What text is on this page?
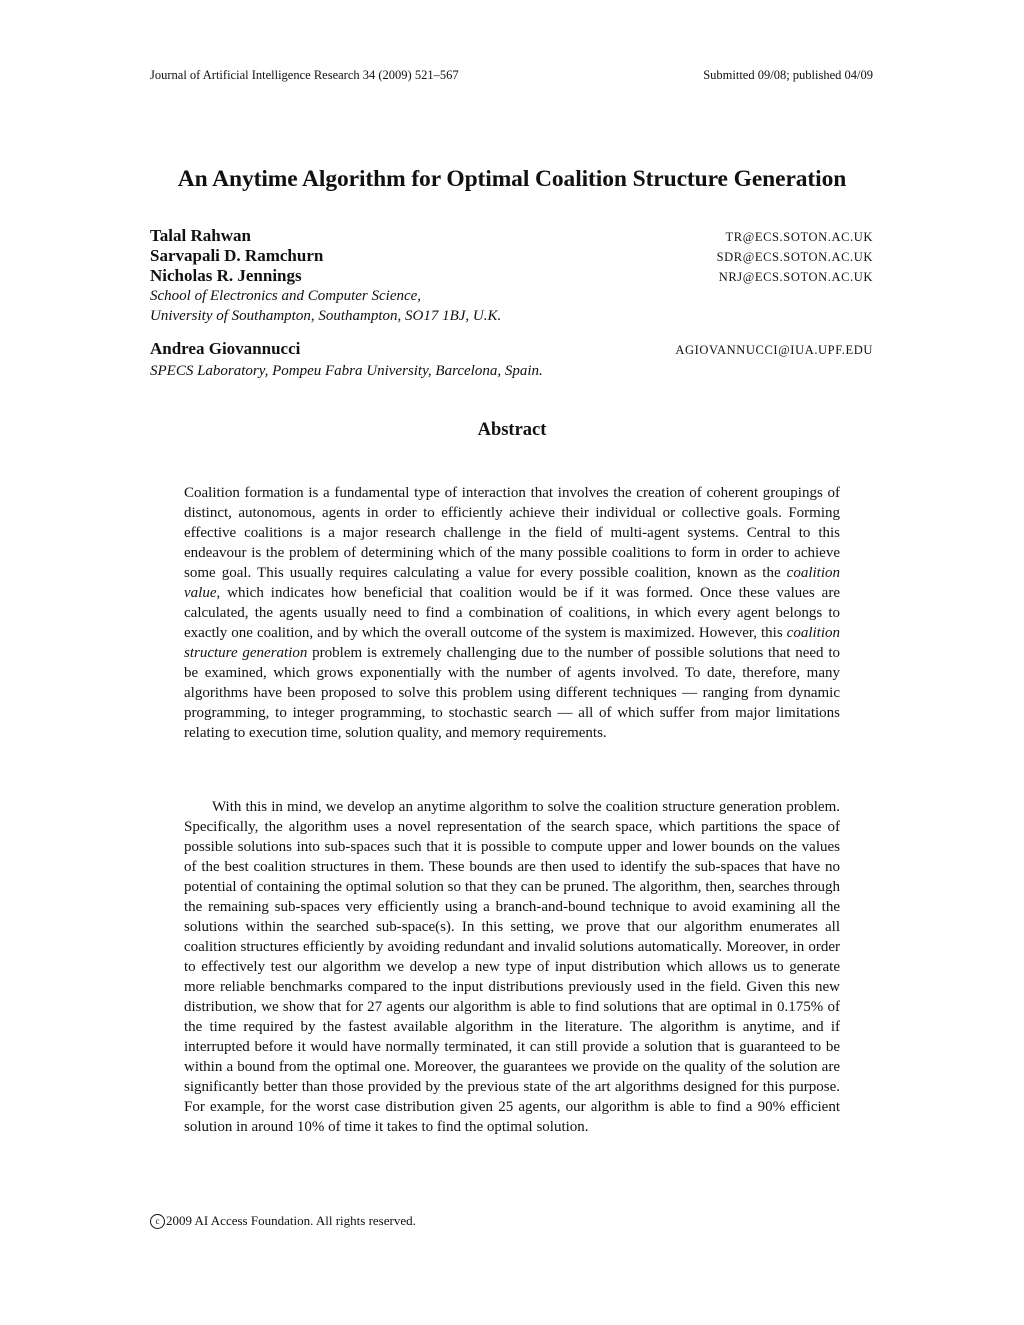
Journal of Artificial Intelligence Research 34 (2009) 521–567	Submitted 09/08; published 04/09
An Anytime Algorithm for Optimal Coalition Structure Generation
Talal Rahwan	TR@ECS.SOTON.AC.UK
Sarvapali D. Ramchurn	SDR@ECS.SOTON.AC.UK
Nicholas R. Jennings	NRJ@ECS.SOTON.AC.UK
School of Electronics and Computer Science,
University of Southampton, Southampton, SO17 1BJ, U.K.
Andrea Giovannucci	AGIOVANNUCCI@IUA.UPF.EDU
SPECS Laboratory, Pompeu Fabra University, Barcelona, Spain.
Abstract

Coalition formation is a fundamental type of interaction that involves the creation of coherent groupings of distinct, autonomous, agents in order to efficiently achieve their individual or collective goals. Forming effective coalitions is a major research challenge in the field of multi-agent systems. Central to this endeavour is the problem of determining which of the many possible coalitions to form in order to achieve some goal. This usually requires calculating a value for every possible coalition, known as the coalition value, which indicates how beneficial that coalition would be if it was formed. Once these values are calculated, the agents usually need to find a combination of coalitions, in which every agent belongs to exactly one coalition, and by which the overall outcome of the system is maximized. However, this coalition structure generation problem is extremely challenging due to the number of possible solutions that need to be examined, which grows exponentially with the number of agents involved. To date, therefore, many algorithms have been proposed to solve this problem using different techniques — ranging from dynamic programming, to integer programming, to stochastic search — all of which suffer from major limitations relating to execution time, solution quality, and memory requirements.

With this in mind, we develop an anytime algorithm to solve the coalition structure generation problem. Specifically, the algorithm uses a novel representation of the search space, which partitions the space of possible solutions into sub-spaces such that it is possible to compute upper and lower bounds on the values of the best coalition structures in them. These bounds are then used to identify the sub-spaces that have no potential of containing the optimal solution so that they can be pruned. The algorithm, then, searches through the remaining sub-spaces very efficiently using a branch-and-bound technique to avoid examining all the solutions within the searched sub-space(s). In this setting, we prove that our algorithm enumerates all coalition structures efficiently by avoiding redundant and invalid solutions automatically. Moreover, in order to effectively test our algorithm we develop a new type of input distribution which allows us to generate more reliable benchmarks compared to the input distributions previously used in the field. Given this new distribution, we show that for 27 agents our algorithm is able to find solutions that are optimal in 0.175% of the time required by the fastest available algorithm in the literature. The algorithm is anytime, and if interrupted before it would have normally terminated, it can still provide a solution that is guaranteed to be within a bound from the optimal one. Moreover, the guarantees we provide on the quality of the solution are significantly better than those provided by the previous state of the art algorithms designed for this purpose. For example, for the worst case distribution given 25 agents, our algorithm is able to find a 90% efficient solution in around 10% of time it takes to find the optimal solution.

c 2009 AI Access Foundation. All rights reserved.
